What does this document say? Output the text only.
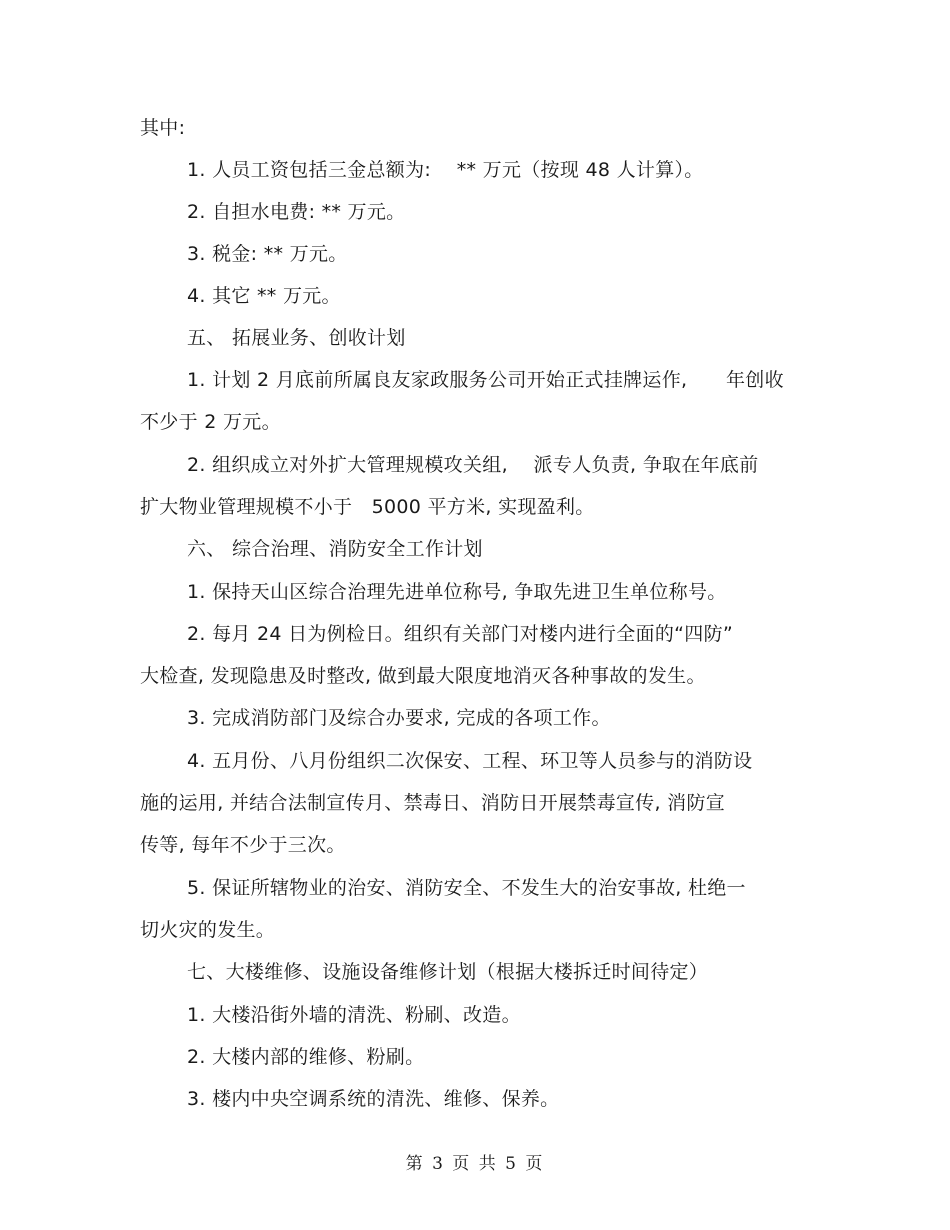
其中:
1. 人员工资包括三金总额为:　 ** 万元（按现 48 人计算）。
2. 自担水电费: ** 万元。
3. 税金: ** 万元。
4. 其它 ** 万元。
五、 拓展业务、创收计划
1. 计划 2 月底前所属良友家政服务公司开始正式挂牌运作,　　年创收
不少于 2 万元。
2. 组织成立对外扩大管理规模攻关组,　 派专人负责, 争取在年底前
扩大物业管理规模不小于　5000 平方米, 实现盈利。
六、 综合治理、消防安全工作计划
1. 保持天山区综合治理先进单位称号, 争取先进卫生单位称号。
2. 每月 24 日为例检日。组织有关部门对楼内进行全面的“四防”
大检查, 发现隐患及时整改, 做到最大限度地消灭各种事故的发生。
3. 完成消防部门及综合办要求, 完成的各项工作。
4. 五月份、八月份组织二次保安、工程、环卫等人员参与的消防设
施的运用, 并结合法制宣传月、禁毒日、消防日开展禁毒宣传, 消防宣
传等, 每年不少于三次。
5. 保证所辖物业的治安、消防安全、不发生大的治安事故, 杜绝一
切火灾的发生。
七、大楼维修、设施设备维修计划（根据大楼拆迁时间待定）
1. 大楼沿街外墙的清洗、粉刷、改造。
2. 大楼内部的维修、粉刷。
3. 楼内中央空调系统的清洗、维修、保养。
第 3 页 共 5 页
